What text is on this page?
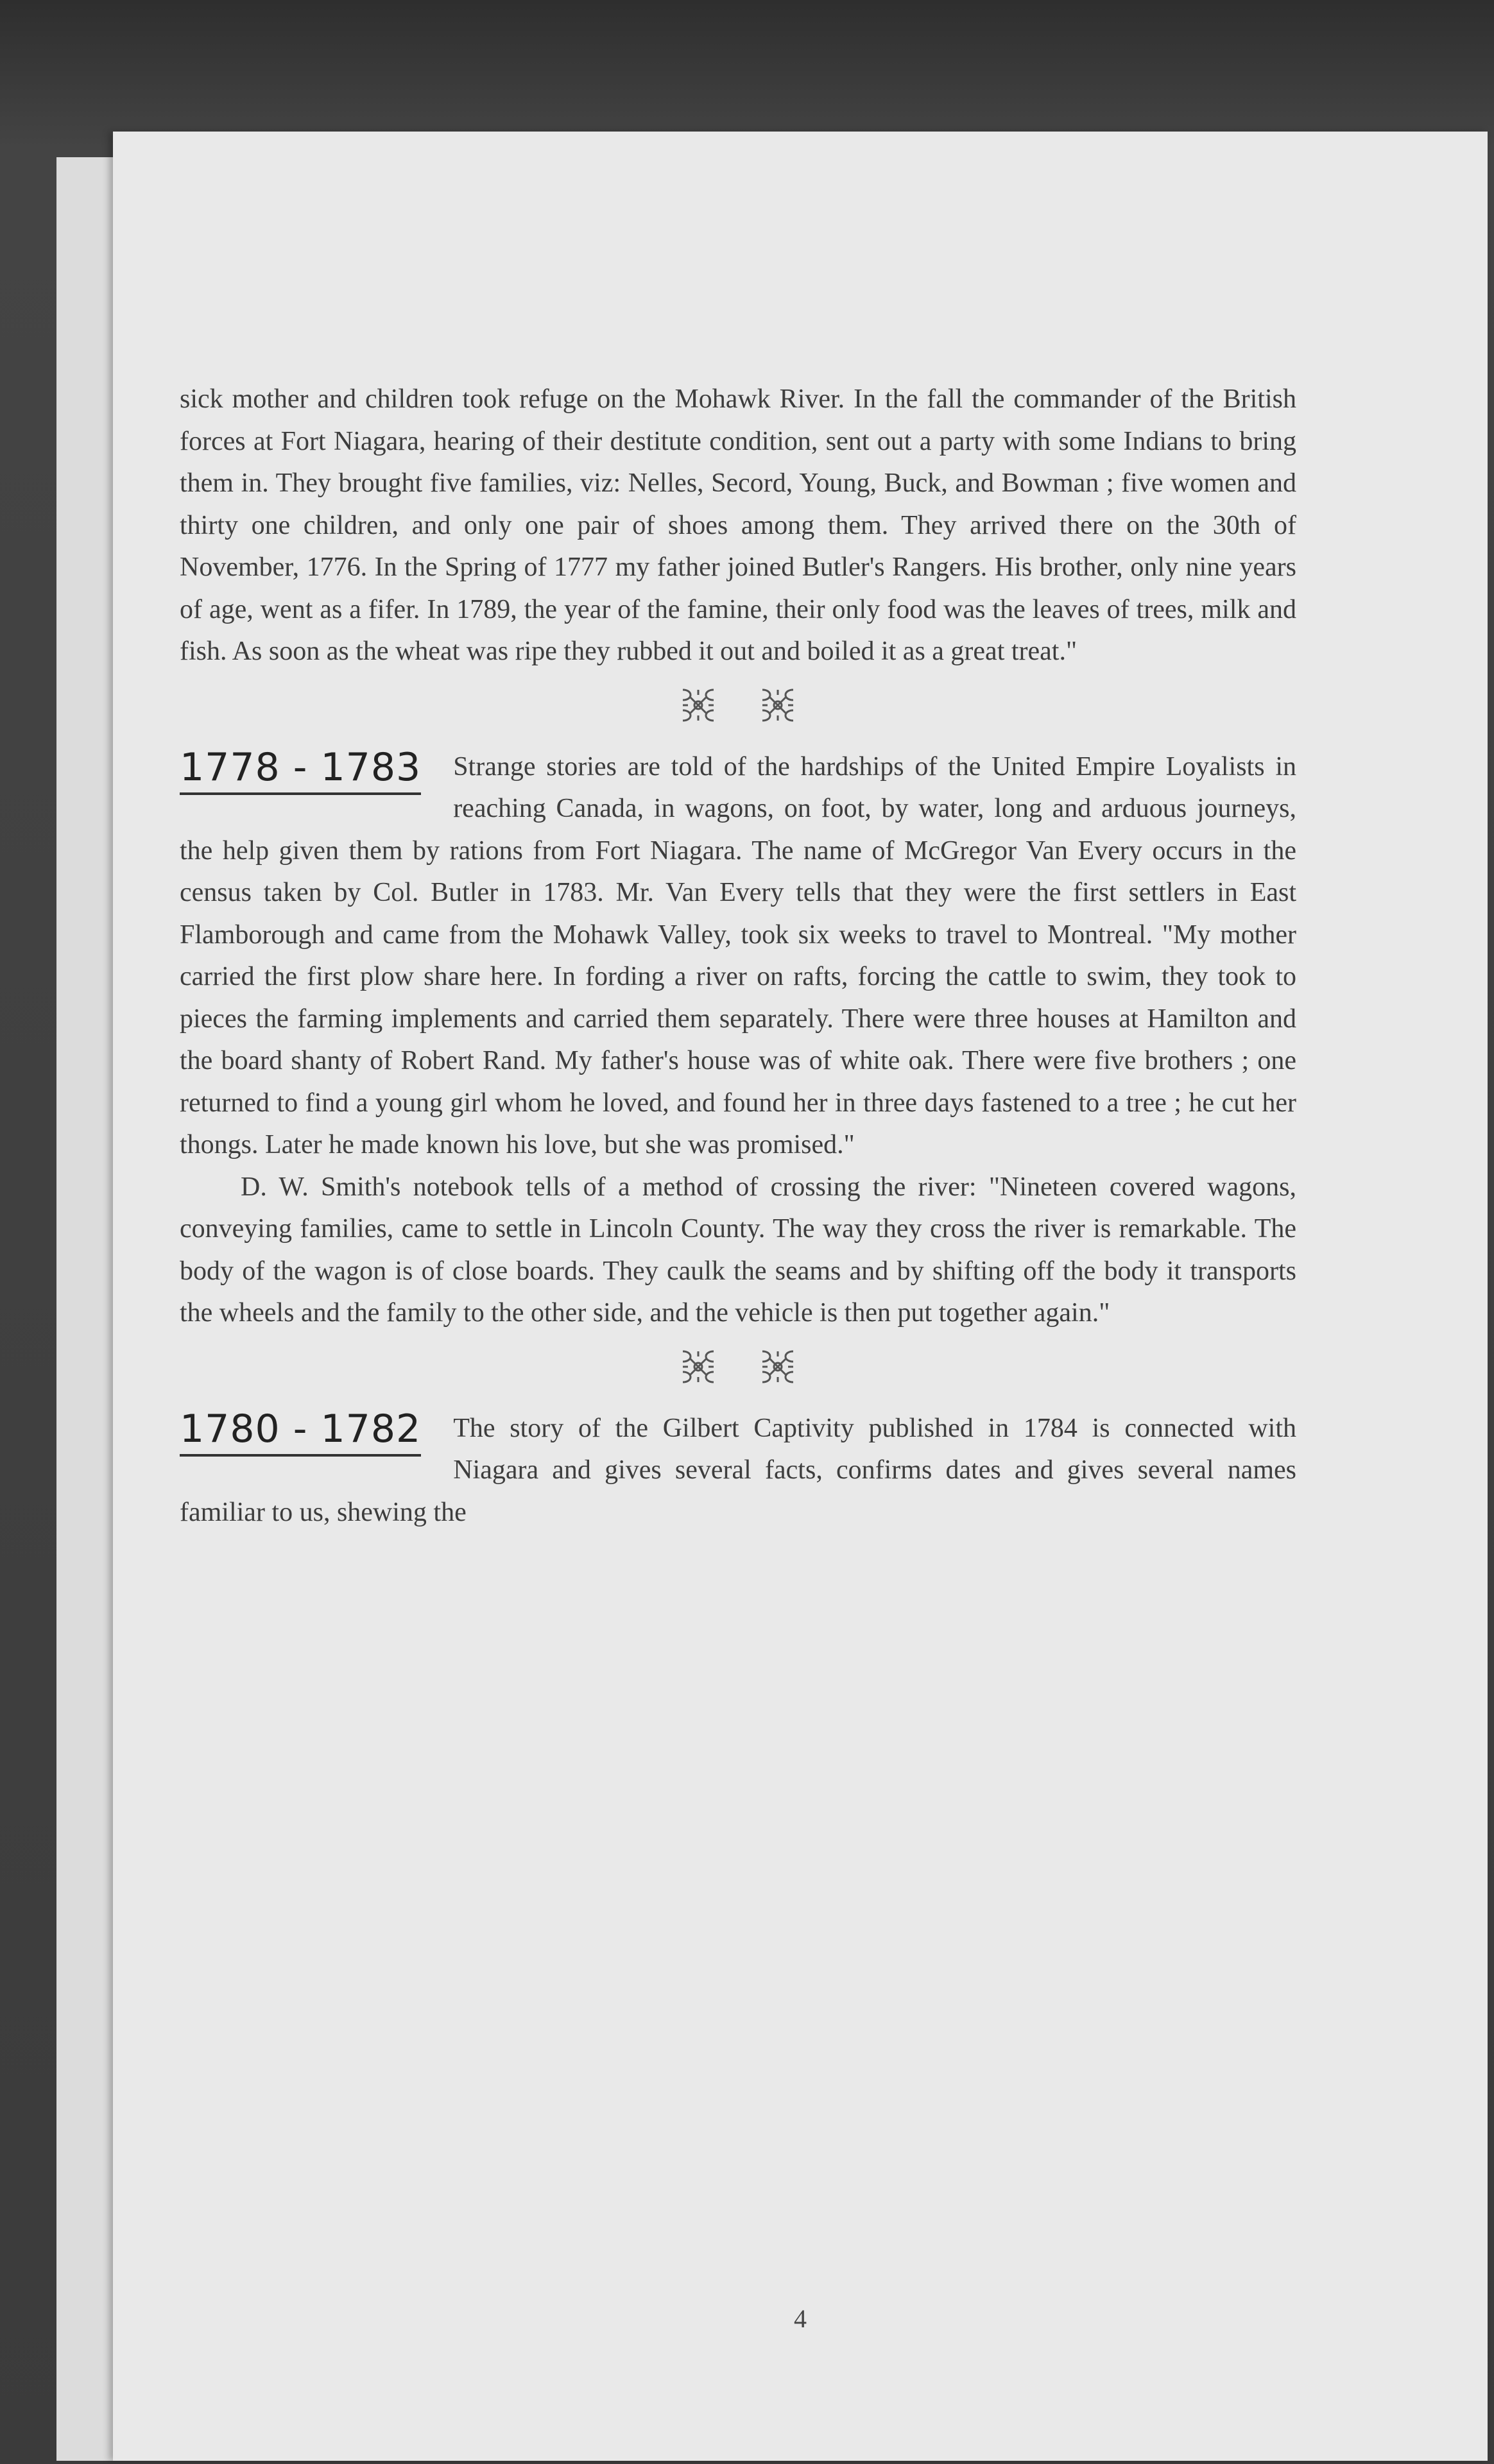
4

sick mother and children took refuge on the Mohawk River. In the fall the commander of the British forces at Fort Niagara, hearing of their destitute condition, sent out a party with some Indians to bring them in. They brought five families, viz: Nelles, Secord, Young, Buck, and Bowman ; five women and thirty one children, and only one pair of shoes among them. They arrived there on the 30th of November, 1776. In the Spring of 1777 my father joined Butler's Rangers. His brother, only nine years of age, went as a fifer. In 1789, the year of the famine, their only food was the leaves of trees, milk and fish. As soon as the wheat was ripe they rubbed it out and boiled it as a great treat."

1778 - 1783 Strange stories are told of the hardships of the United Empire Loyalists in reaching Canada, in wagons, on foot, by water, long and arduous journeys, the help given them by rations from Fort Niagara. The name of McGregor Van Every occurs in the census taken by Col. Butler in 1783. Mr. Van Every tells that they were the first settlers in East Flamborough and came from the Mohawk Valley, took six weeks to travel to Montreal. "My mother carried the first plow share here. In fording a river on rafts, forcing the cattle to swim, they took to pieces the farming implements and carried them separately. There were three houses at Hamilton and the board shanty of Robert Rand. My father's house was of white oak. There were five brothers ; one returned to find a young girl whom he loved, and found her in three days fastened to a tree ; he cut her thongs. Later he made known his love, but she was promised."

D. W. Smith's notebook tells of a method of crossing the river: "Nineteen covered wagons, conveying families, came to settle in Lincoln County. The way they cross the river is remarkable. The body of the wagon is of close boards. They caulk the seams and by shifting off the body it transports the wheels and the family to the other side, and the vehicle is then put together again."

1780 - 1782 The story of the Gilbert Captivity published in 1784 is connected with Niagara and gives several facts, confirms dates and gives several names familiar to us, shewing the
